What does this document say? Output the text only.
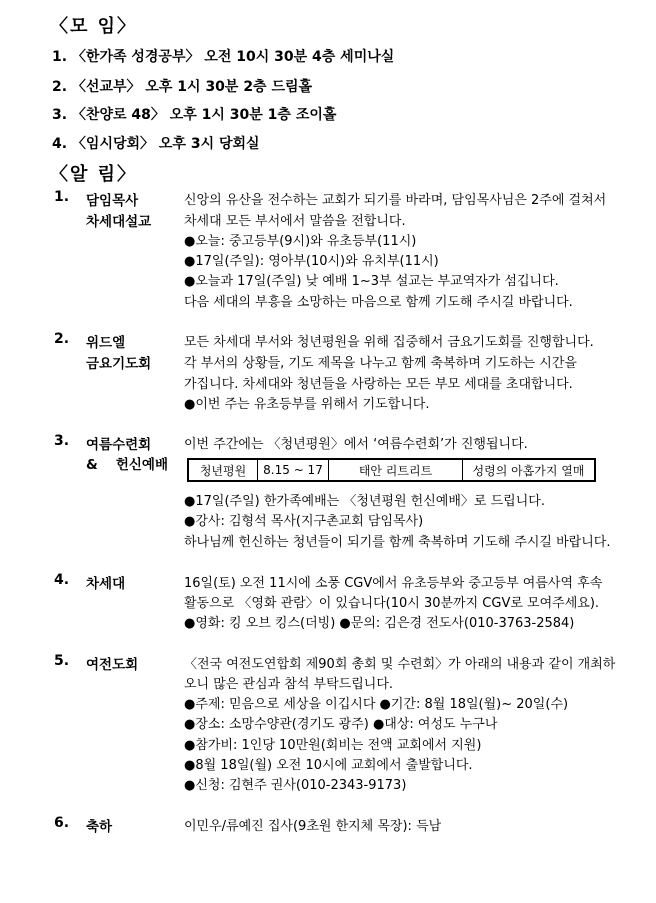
〈모 임〉
1. 〈한가족 성경공부〉 오전 10시 30분 4층 세미나실
2. 〈선교부〉 오후 1시 30분 2층 드림홀
3. 〈찬양로 48〉 오후 1시 30분 1층 조이홀
4. 〈임시당회〉 오후 3시 당회실
〈알 림〉
1. 담임목사
차세대설교
신앙의 유산을 전수하는 교회가 되기를 바라며, 담임목사님은 2주에 걸쳐서
차세대 모든 부서에서 말씀을 전합니다.
●오늘: 중고등부(9시)와 유초등부(11시)
●17일(주일): 영아부(10시)와 유치부(11시)
●오늘과 17일(주일) 낮 예배 1~3부 설교는 부교역자가 섬깁니다.
다음 세대의 부흥을 소망하는 마음으로 함께 기도해 주시길 바랍니다.
2. 위드엘
금요기도회
모든 차세대 부서와 청년평원을 위해 집중해서 금요기도회를 진행합니다.
각 부서의 상황들, 기도 제목을 나누고 함께 축복하며 기도하는 시간을
가집니다. 차세대와 청년들을 사랑하는 모든 부모 세대를 초대합니다.
●이번 주는 유초등부를 위해서 기도합니다.
3. 여름수련회
& 헌신예배
이번 주간에는 〈청년평원〉에서 ‘여름수련회’가 진행됩니다.
청년평원	8.15 ~ 17	태안 리트리트	성령의 아홉가지 열매
●17일(주일) 한가족예배는 〈청년평원 헌신예배〉로 드립니다.
●강사: 김형석 목사(지구촌교회 담임목사)
하나님께 헌신하는 청년들이 되기를 함께 축복하며 기도해 주시길 바랍니다.
4. 차세대	16일(토) 오전 11시에 소풍 CGV에서 유초등부와 중고등부 여름사역 후속
활동으로 〈영화 관람〉이 있습니다(10시 30분까지 CGV로 모여주세요).
●영화: 킹 오브 킹스(더빙) ●문의: 김은경 전도사(010-3763-2584)
5. 여전도회	〈전국 여전도연합회 제90회 총회 및 수련회〉가 아래의 내용과 같이 개최하
오니 많은 관심과 참석 부탁드립니다.
●주제: 믿음으로 세상을 이깁시다 ●기간: 8월 18일(월)~ 20일(수)
●장소: 소망수양관(경기도 광주) ●대상: 여성도 누구나
●참가비: 1인당 10만원(회비는 전액 교회에서 지원)
●8월 18일(월) 오전 10시에 교회에서 출발합니다.
●신청: 김현주 권사(010-2343-9173)
6. 축하	이민우/류예진 집사(9초원 한지체 목장): 득남
